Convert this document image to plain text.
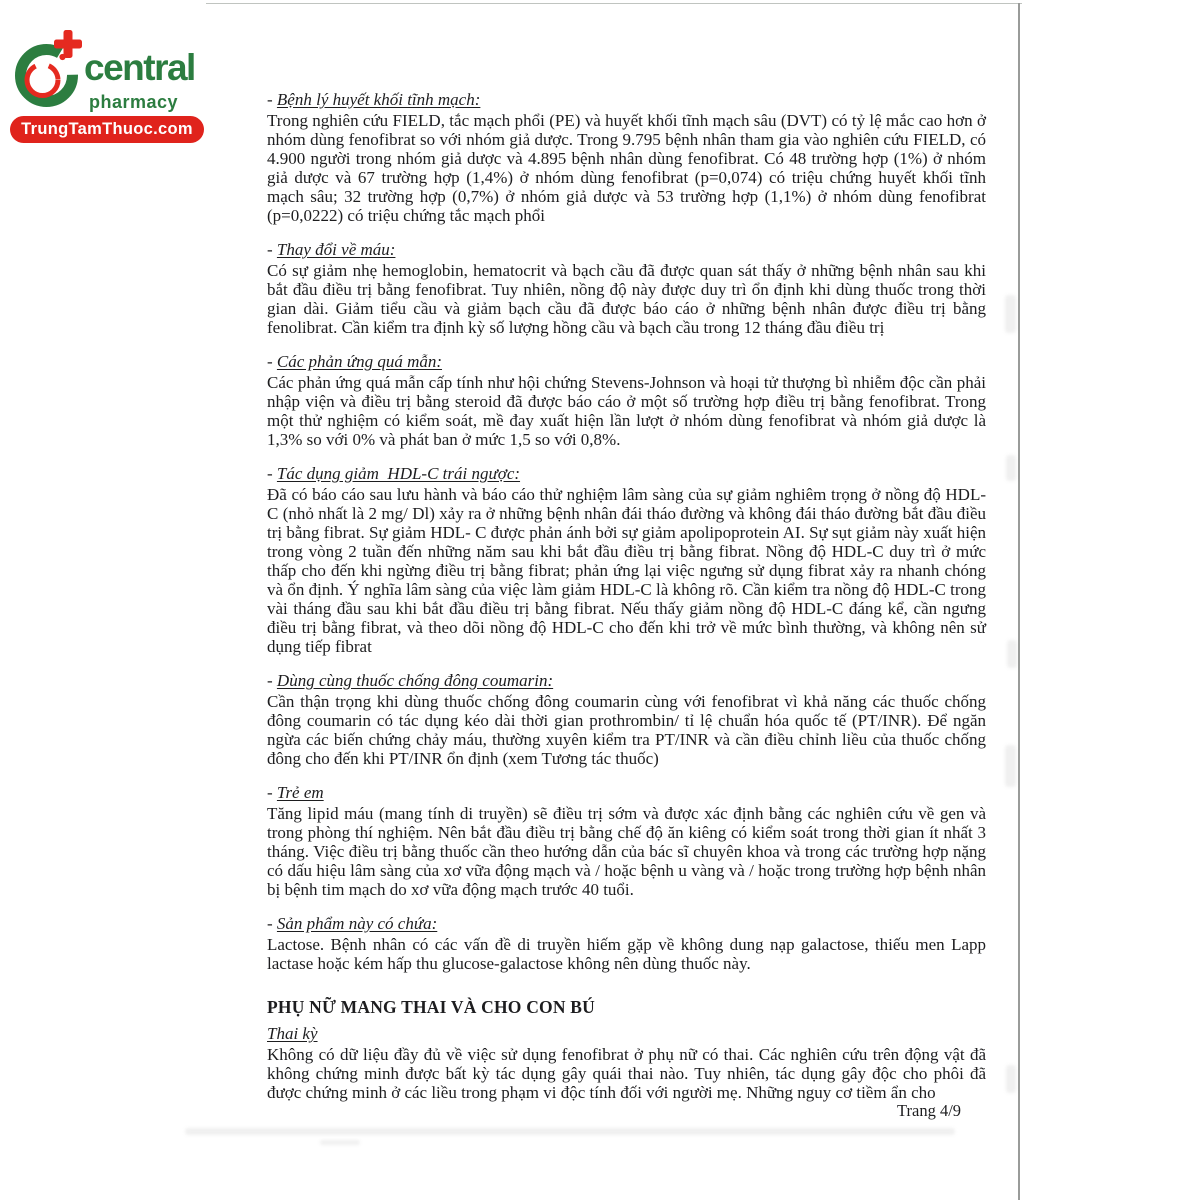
central
pharmacy
TrungTamThuoc.com
- Bệnh lý huyết khối tĩnh mạch:

Trong nghiên cứu FIELD, tắc mạch phổi (PE) và huyết khối tĩnh mạch sâu (DVT) có tỷ lệ mắc cao hơn ở nhóm dùng fenofibrat so với nhóm giả dược. Trong 9.795 bệnh nhân tham gia vào nghiên cứu FIELD, có 4.900 người trong nhóm giả dược và 4.895 bệnh nhân dùng fenofibrat. Có 48 trường hợp (1%) ở nhóm giả dược và 67 trường hợp (1,4%) ở nhóm dùng fenofibrat (p=0,074) có triệu chứng huyết khối tĩnh mạch sâu; 32 trường hợp (0,7%) ở nhóm giả dược và 53 trường hợp (1,1%) ở nhóm dùng fenofibrat (p=0,0222) có triệu chứng tắc mạch phổi

- Thay đổi về máu:

Có sự giảm nhẹ hemoglobin, hematocrit và bạch cầu đã được quan sát thấy ở những bệnh nhân sau khi bắt đầu điều trị bằng fenofibrat. Tuy nhiên, nồng độ này được duy trì ổn định khi dùng thuốc trong thời gian dài. Giảm tiểu cầu và giảm bạch cầu đã được báo cáo ở những bệnh nhân được điều trị bằng fenolibrat. Cần kiểm tra định kỳ số lượng hồng cầu và bạch cầu trong 12 tháng đầu điều trị

- Các phản ứng quá mẫn:

Các phản ứng quá mẫn cấp tính như hội chứng Stevens-Johnson và hoại tử thượng bì nhiễm độc cần phải nhập viện và điều trị bằng steroid đã được báo cáo ở một số trường hợp điều trị bằng fenofibrat. Trong một thử nghiệm có kiểm soát, mề đay xuất hiện lần lượt ở nhóm dùng fenofibrat và nhóm giả dược là 1,3% so với 0% và phát ban ở mức 1,5 so với 0,8%.

- Tác dụng giảm  HDL-C trái ngược:

Đã có báo cáo sau lưu hành và báo cáo thử nghiệm lâm sàng của sự giảm nghiêm trọng ở nồng độ HDL- C (nhỏ nhất là 2 mg/ Dl) xảy ra ở những bệnh nhân đái tháo đường và không đái tháo đường bắt đầu điều trị bằng fibrat. Sự giảm HDL- C được phản ánh bởi sự giảm apolipoprotein AI. Sự sụt giảm này xuất hiện trong vòng 2 tuần đến những năm sau khi bắt đầu điều trị bằng fibrat. Nồng độ HDL-C duy trì ở mức thấp cho đến khi ngừng điều trị bằng fibrat; phản ứng lại việc ngưng sử dụng fibrat xảy ra nhanh chóng và ổn định. Ý nghĩa lâm sàng của việc làm giảm HDL-C là không rõ. Cần kiểm tra nồng độ HDL-C trong vài tháng đầu sau khi bắt đầu điều trị bằng fibrat. Nếu thấy giảm nồng độ HDL-C đáng kể, cần ngưng điều trị bằng fibrat, và theo dõi nồng độ HDL-C cho đến khi trở về mức bình thường, và không nên sử dụng tiếp fibrat

- Dùng cùng thuốc chống đông coumarin:

Cần thận trọng khi dùng thuốc chống đông coumarin cùng với fenofibrat vì khả năng các thuốc chống đông coumarin có tác dụng kéo dài thời gian prothrombin/ tỉ lệ chuẩn hóa quốc tế (PT/INR). Để ngăn ngừa các biến chứng chảy máu, thường xuyên kiểm tra PT/INR và cần điều chỉnh liều của thuốc chống đông cho đến khi PT/INR ổn định (xem Tương tác thuốc)

- Trẻ em

Tăng lipid máu (mang tính di truyền) sẽ điều trị sớm và được xác định bằng các nghiên cứu về gen và trong phòng thí nghiệm. Nên bắt đầu điều trị bằng chế độ ăn kiêng có kiểm soát trong thời gian ít nhất 3 tháng. Việc điều trị bằng thuốc cần theo hướng dẫn của bác sĩ chuyên khoa và trong các trường hợp nặng có dấu hiệu lâm sàng của xơ vữa động mạch và / hoặc bệnh u vàng và / hoặc trong trường hợp bệnh nhân bị bệnh tim mạch do xơ vữa động mạch trước 40 tuổi.

- Sản phẩm này có chứa:

Lactose. Bệnh nhân có các vấn đề di truyền hiếm gặp về không dung nạp galactose, thiếu men Lapp lactase hoặc kém hấp thu glucose-galactose không nên dùng thuốc này.

PHỤ NỮ MANG THAI VÀ CHO CON BÚ
Thai kỳ

Không có dữ liệu đầy đủ về việc sử dụng fenofibrat ở phụ nữ có thai. Các nghiên cứu trên động vật đã không chứng minh được bất kỳ tác dụng gây quái thai nào. Tuy nhiên, tác dụng gây độc cho phôi đã được chứng minh ở các liều trong phạm vi độc tính đối với người mẹ. Những nguy cơ tiềm ẩn cho

Trang 4/9
